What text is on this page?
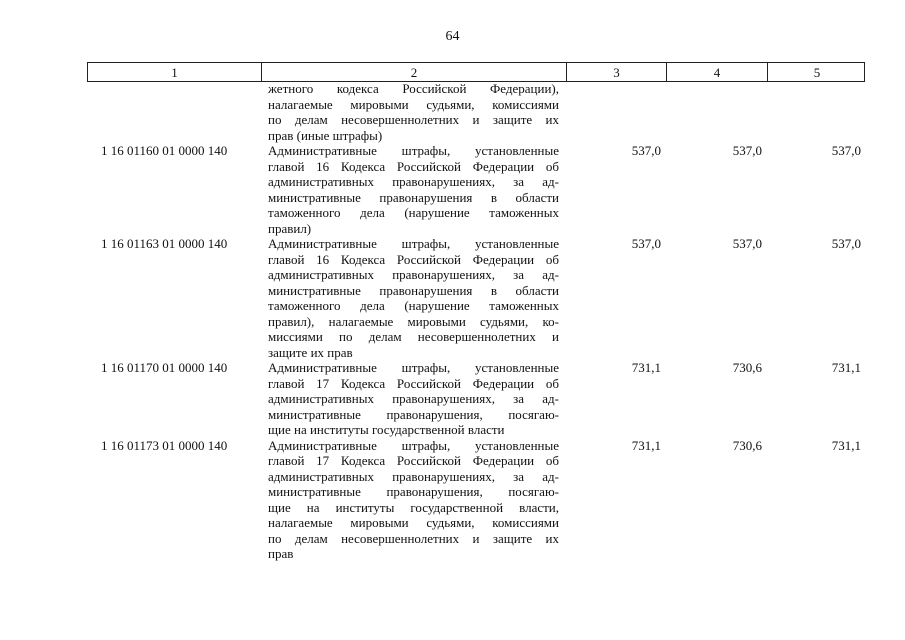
64
1	2	3	4	5
жетного кодекса Российской Федерации),
налагаемые мировыми судьями, комиссиями
по делам несовершеннолетних и защите их
прав (иные штрафы)
1 16 01160 01 0000 140	Административные штрафы, установленные
главой 16 Кодекса Российской Федерации об
административных правонарушениях, за ад-
министративные правонарушения в области
таможенного дела (нарушение таможенных
правил)
537,0	537,0	537,0
1 16 01163 01 0000 140	Административные штрафы, установленные
главой 16 Кодекса Российской Федерации об
административных правонарушениях, за ад-
министративные правонарушения в области
таможенного дела (нарушение таможенных
правил), налагаемые мировыми судьями, ко-
миссиями по делам несовершеннолетних и
защите их прав
537,0	537,0	537,0
1 16 01170 01 0000 140	Административные штрафы, установленные
главой 17 Кодекса Российской Федерации об
административных правонарушениях, за ад-
министративные правонарушения, посягаю-
щие на институты государственной власти
731,1	730,6	731,1
1 16 01173 01 0000 140	Административные штрафы, установленные
главой 17 Кодекса Российской Федерации об
административных правонарушениях, за ад-
министративные правонарушения, посягаю-
щие на институты государственной власти,
налагаемые мировыми судьями, комиссиями
по делам несовершеннолетних и защите их
прав
731,1	730,6	731,1
